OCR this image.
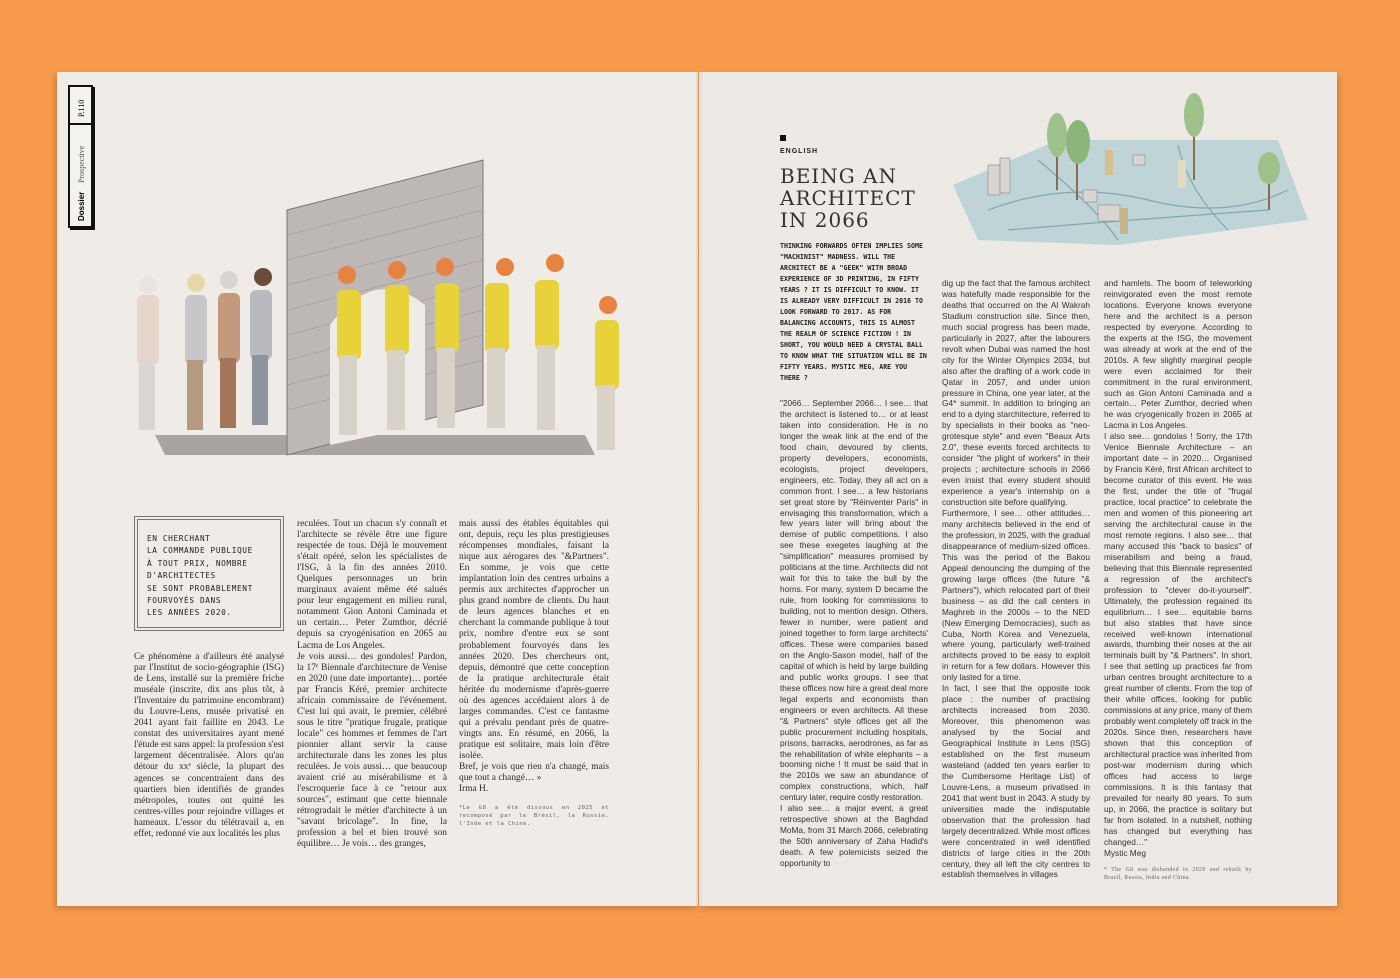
P.110
Dossier
Prospective
EN CHERCHANT
LA COMMANDE PUBLIQUE
À TOUT PRIX, NOMBRE
D'ARCHITECTES
SE SONT PROBABLEMENT
FOURVOYÉS DANS
LES ANNÉES 2020.

Ce phénomène a d'ailleurs été analysé par l'Institut de socio-géographie (ISG) de Lens, installé sur la première friche muséale (inscrite, dix ans plus tôt, à l'Inventaire du patrimoine encombrant) du Louvre-Lens, musée privatisé en 2041 ayant fait faillite en 2043. Le constat des universitaires ayant mené l'étude est sans appel: la profession s'est largement décentralisée. Alors qu'au détour du xxᵉ siècle, la plupart des agences se concentraient dans des quartiers bien identifiés de grandes métropoles, toutes ont quitté les centres-villes pour rejoindre villages et hameaux. L'essor du télétravail a, en effet, redonné vie aux localités les plus

reculées. Tout un chacun s'y connaît et l'architecte se révèle être une figure respectée de tous. Déjà le mouvement s'était opéré, selon les spécialistes de l'ISG, à la fin des années 2010. Quelques personnages un brin marginaux avaient même été salués pour leur engagement en milieu rural, notamment Gion Antoni Caminada et un certain… Peter Zumthor, décrié depuis sa cryogénisation en 2065 au Lacma de Los Angeles.

Je vois aussi… des gondoles! Pardon, la 17ᵉ Biennale d'architecture de Venise en 2020 (une date importante)… portée par Francis Kéré, premier architecte africain commissaire de l'événement. C'est lui qui avait, le premier, célébré sous le titre "pratique frugale, pratique locale" ces hommes et femmes de l'art pionnier allant servir la cause architecturale dans les zones les plus reculées. Je vois aussi… que beaucoup avaient crié au misérabilisme et à l'escroquerie face à ce "retour aux sources", estimant que cette biennale rétrogradait le métier d'architecte à un "savant bricolage". In fine, la profession a bel et bien trouvé son équilibre… Je vois… des granges,

mais aussi des étables équitables qui ont, depuis, reçu les plus prestigieuses récompenses mondiales, faisant la nique aux aérogares des "&Partners". En somme, je vois que cette implantation loin des centres urbains a permis aux architectes d'approcher un plus grand nombre de clients. Du haut de leurs agences blanches et en cherchant la commande publique à tout prix, nombre d'entre eux se sont probablement fourvoyés dans les années 2020. Des chercheurs ont, depuis, démontré que cette conception de la pratique architecturale était héritée du modernisme d'après-guerre où des agences accédaient alors à de larges commandes. C'est ce fantasme qui a prévalu pendant près de quatre-vingts ans. En résumé, en 2066, la pratique est solitaire, mais loin d'être isolée.

Bref, je vois que rien n'a changé, mais que tout a changé… »

Irma H.

*Le G8 a été dissous en 2025 et recomposé par le Brésil, la Russie, l'Inde et la Chine.

ENGLISH
BEING AN
ARCHITECT
IN 2066
THINKING FORWARDS OFTEN IMPLIES SOME "MACHINIST" MADNESS. WILL THE ARCHITECT BE A "GEEK" WITH BROAD EXPERIENCE OF 3D PRINTING, IN FIFTY YEARS ? IT IS DIFFICULT TO KNOW. IT IS ALREADY VERY DIFFICULT IN 2016 TO LOOK FORWARD TO 2017. AS FOR BALANCING ACCOUNTS, THIS IS ALMOST THE REALM OF SCIENCE FICTION ! IN SHORT, YOU WOULD NEED A CRYSTAL BALL TO KNOW WHAT THE SITUATION WILL BE IN FIFTY YEARS. MYSTIC MEG, ARE YOU THERE ?

"2066… September 2066… I see… that the architect is listened to… or at least taken into consideration. He is no longer the weak link at the end of the food chain, devoured by clients, property developers, economists, ecologists, project developers, engineers, etc. Today, they all act on a common front. I see… a few historians set great store by "Réinventer Paris" in envisaging this transformation, which a few years later will bring about the demise of public competitions. I also see these exegetes laughing at the "simplification" measures promised by politicians at the time. Architects did not wait for this to take the bull by the horns. For many, system D became the rule, from looking for commissions to building, not to mention design. Others, fewer in number, were patient and joined together to form large architects' offices. These were companies based on the Anglo-Saxon model, half of the capital of which is held by large building and public works groups. I see that these offices now hire a great deal more legal experts and economists than engineers or even architects. All these "& Partners" style offices get all the public procurement including hospitals, prisons, barracks, aerodrones, as far as the rehabilitation of white elephants – a booming niche ! It must be said that in the 2010s we saw an abundance of complex constructions, which, half century later, require costly restoration.

I also see… a major event, a great retrospective shown at the Baghdad MoMa, from 31 March 2066, celebrating the 50th anniversary of Zaha Hadid's death. A few polemicists seized the opportunity to

dig up the fact that the famous architect was hatefully made responsible for the deaths that occurred on the Al Wakrah Stadium construction site. Since then, much social progress has been made, particularly in 2027, after the labourers revolt when Dubai was named the host city for the Winter Olympics 2034, but also after the drafting of a work code in Qatar in 2057, and under union pressure in China, one year later, at the G4* summit. In addition to bringing an end to a dying starchitecture, referred to by specialists in their books as "neo-grotesque style" and even "Beaux Arts 2.0", these events forced architects to consider "the plight of workers" in their projects ; architecture schools in 2066 even insist that every student should experience a year's internship on a construction site before qualifying.

Furthermore, I see… other attitudes… many architects believed in the end of the profession, in 2025, with the gradual disappearance of medium-sized offices. This was the period of the Bakou Appeal denouncing the dumping of the growing large offices (the future "& Partners"), which relocated part of their business – as did the call centers in Maghreb in the 2000s – to the NED (New Emerging Democracies), such as Cuba, North Korea and Venezuela, where young, particularly well-trained architects proved to be easy to exploit in return for a few dollars. However this only lasted for a time.

In fact, I see that the opposite took place : the number of practising architects increased from 2030. Moreover, this phenomenon was analysed by the Social and Geographical Institute in Lens (ISG) established on the first museum wasteland (added ten years earlier to the Cumbersome Heritage List) of Louvre-Lens, a museum privatised in 2041 that went bust in 2043. A study by universities made the indisputable observation that the profession had largely decentralized. While most offices were concentrated in well identified districts of large cities in the 20th century, they all left the city centres to establish themselves in villages

and hamlets. The boom of teleworking reinvigorated even the most remote locations. Everyone knows everyone here and the architect is a person respected by everyone. According to the experts at the ISG, the movement was already at work at the end of the 2010s. A few slightly marginal people were even acclaimed for their commitment in the rural environment, such as Gion Antoni Caminada and a certain… Peter Zumthor, decried when he was cryogenically frozen in 2065 at Lacma in Los Angeles.

I also see… gondolas ! Sorry, the 17th Venice Biennale Architecture – an important date – in 2020… Organised by Francis Kéré, first African architect to become curator of this event. He was the first, under the title of "frugal practice, local practice" to celebrate the men and women of this pioneering art serving the architectural cause in the most remote regions. I also see… that many accused this "back to basics" of miserabilism and being a fraud, believing that this Biennale represented a regression of the architect's profession to "clever do-it-yourself". Ultimately, the profession regained its equilibrium… I see… equitable barns but also stables that have since received well-known international awards, thumbing their noses at the air terminals built by "& Partners". In short, I see that setting up practices far from urban centres brought architecture to a great number of clients. From the top of their white offices, looking for public commissions at any price, many of them probably went completely off track in the 2020s. Since then, researchers have shown that this conception of architectural practice was inherited from post-war modernism during which offices had access to large commissions. It is this fantasy that prevailed for nearly 80 years. To sum up, in 2066, the practice is solitary but far from isolated. In a nutshell, nothing has changed but everything has changed…"

Mystic Meg

* The G8 was disbanded in 2020 and rebuilt by Brazil, Russia, India and China.
